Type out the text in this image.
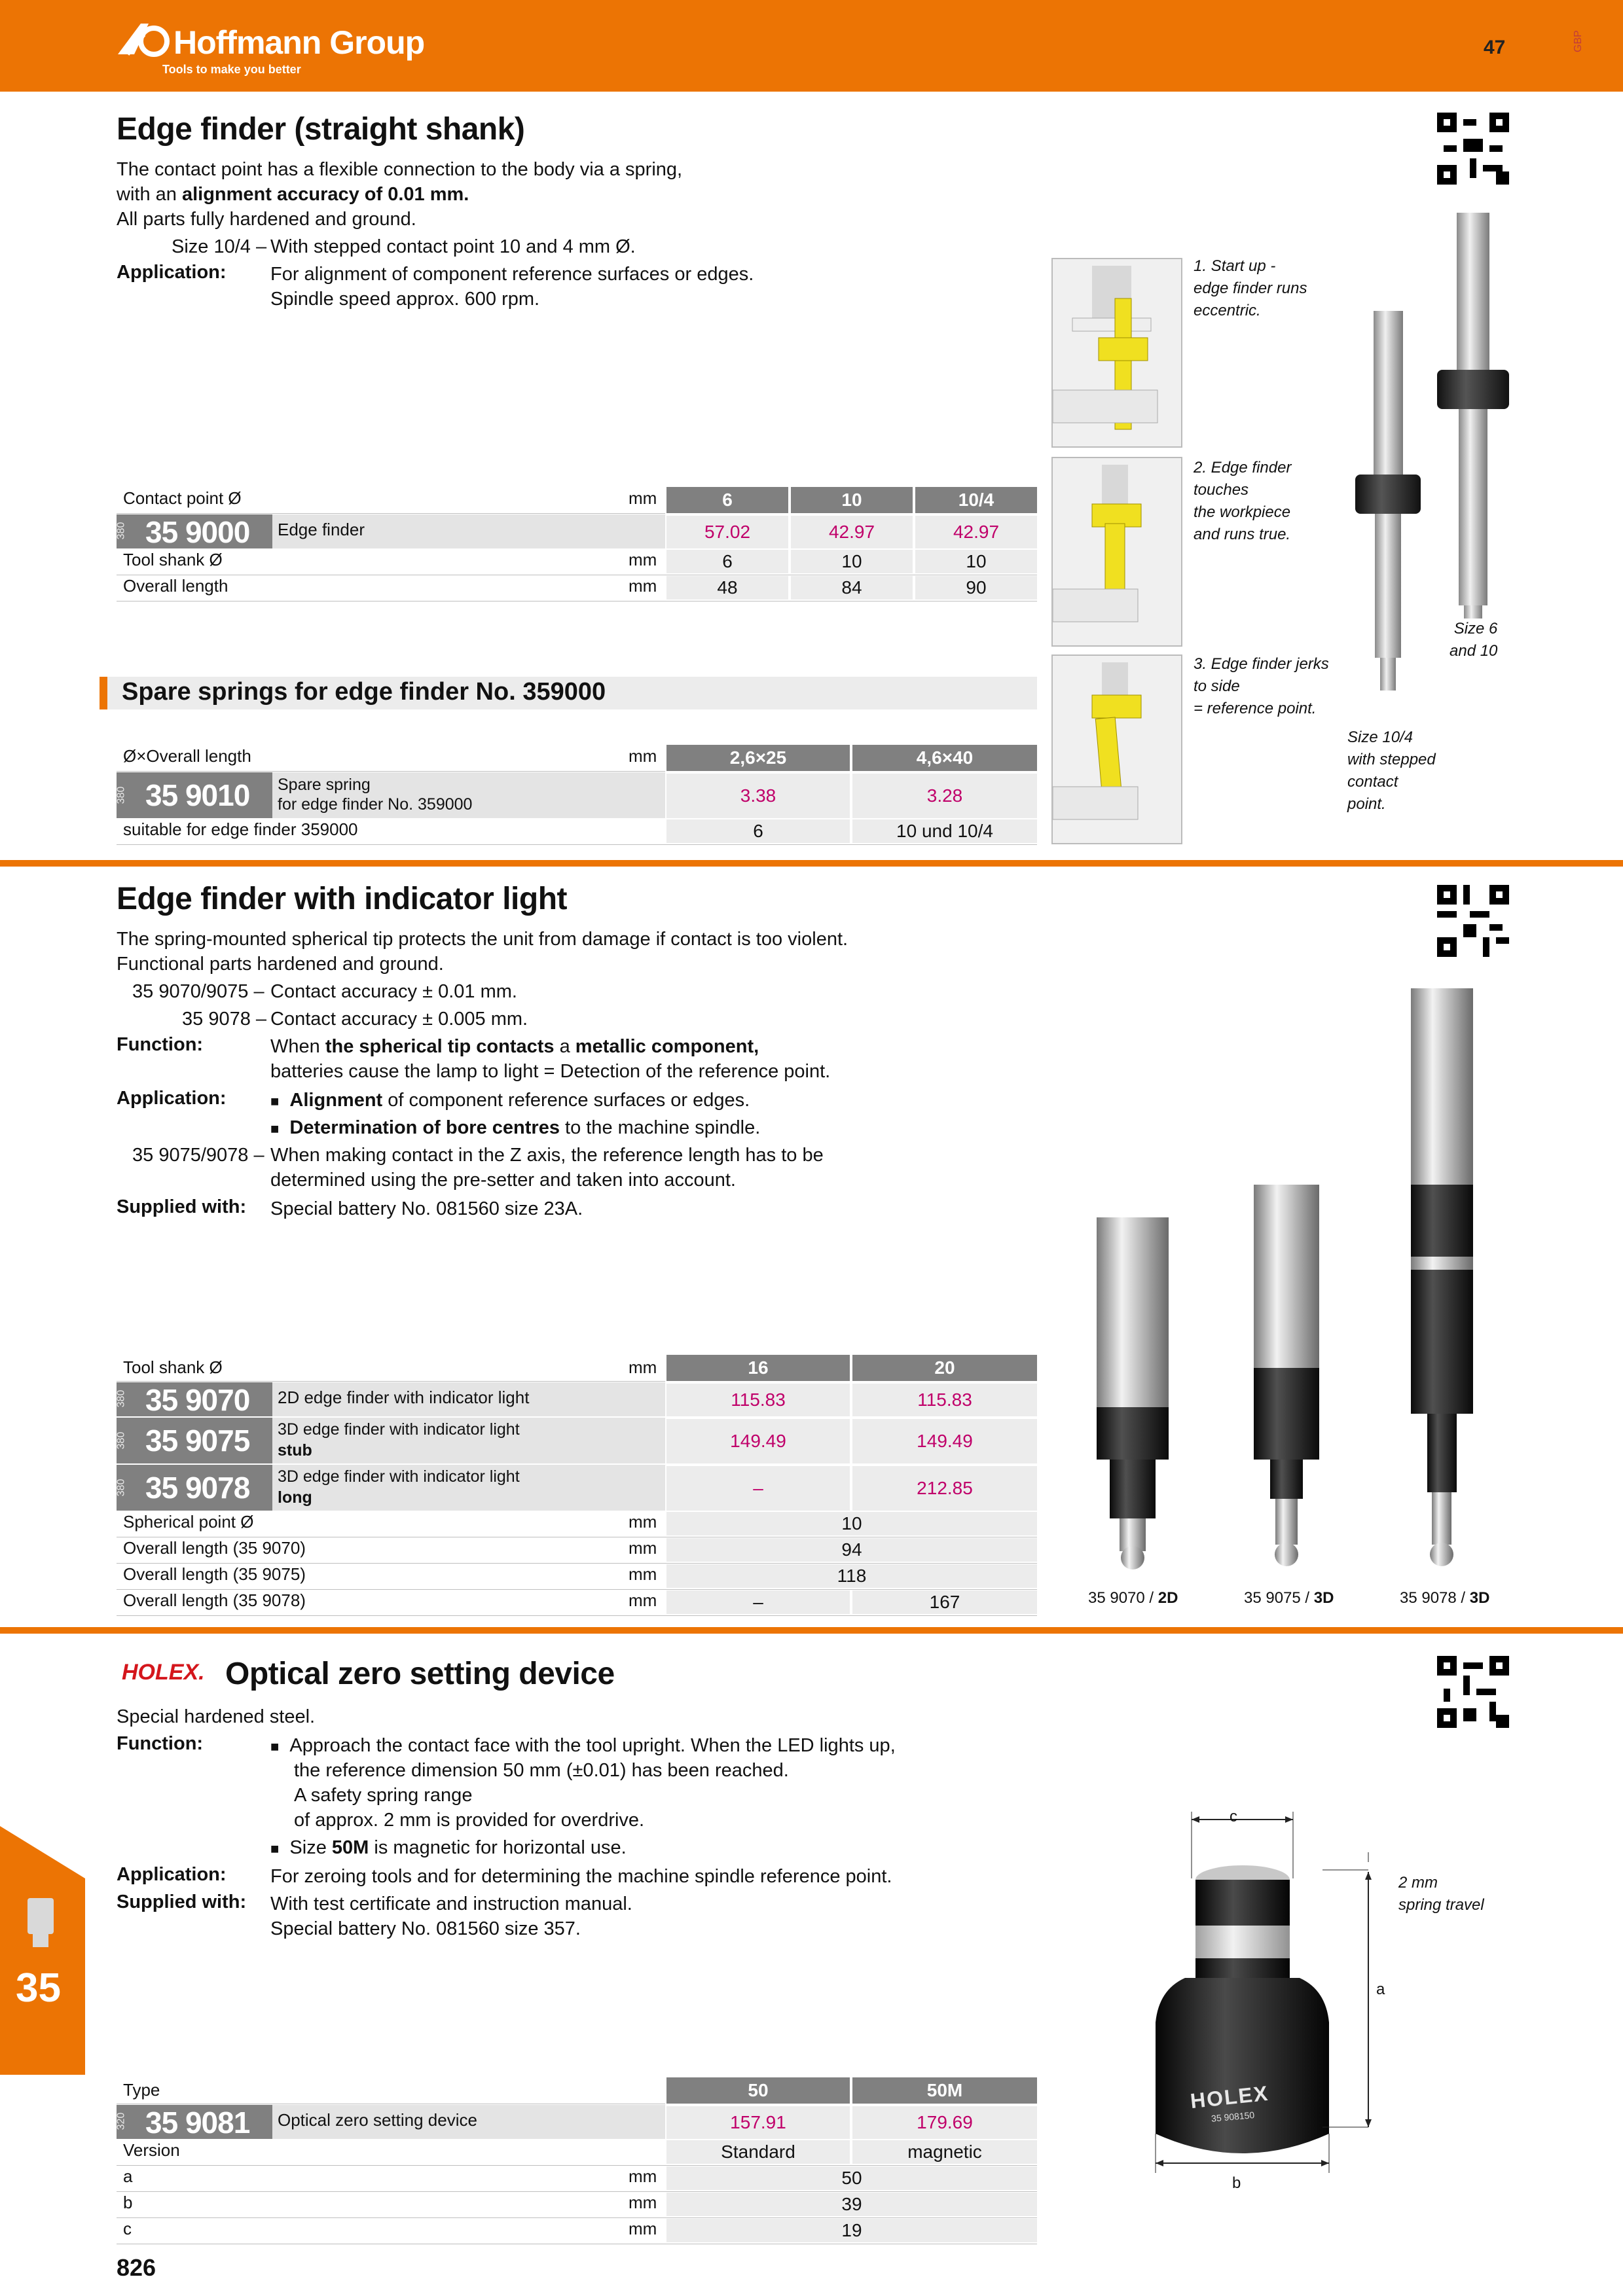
Hoffmann Group
Tools to make you better
47	GBP
Edge finder (straight shank)
The contact point has a flexible connection to the body via a spring,
with an alignment accuracy of 0.01 mm.
All parts fully hardened and ground.
Size 10/4 – With stepped contact point 10 and 4 mm Ø.
Application: For alignment of component reference surfaces or edges.
Spindle speed approx. 600 rpm.
1. Start up -
edge finder runs
eccentric.
2. Edge finder
touches
the workpiece
and runs true.
3. Edge finder jerks
to side
= reference point.
Size 6
and 10
Size 10/4
with stepped
contact
point.
Contact point Ø	mm	6	10	10/4
380 35 9000 Edge finder	57.02	42.97	42.97
Tool shank Ø	mm	6	10	10
Overall length	mm	48	84	90
Spare springs for edge finder No. 359000
Ø×Overall length	mm	2,6×25	4,6×40
380 35 9010 Spare spring
for edge finder No. 359000	3.38	3.28
suitable for edge finder 359000	6	10 und 10/4
Edge finder with indicator light
The spring-mounted spherical tip protects the unit from damage if contact is too violent.
Functional parts hardened and ground.
35 9070/9075 – Contact accuracy ± 0.01 mm.
35 9078 – Contact accuracy ± 0.005 mm.
Function:	When the spherical tip contacts a metallic component,
batteries cause the lamp to light = Detection of the reference point.
Application:	■ Alignment of component reference surfaces or edges.
■ Determination of bore centres to the machine spindle.
35 9075/9078 – When making contact in the Z axis, the reference length has to be
determined using the pre-setter and taken into account.
Supplied with: Special battery No. 081560 size 23A.
35 9070 / 2D	35 9075 / 3D	35 9078 / 3D
Tool shank Ø	mm	16	20
380 35 9070 2D edge finder with indicator light	115.83	115.83
380 35 9075 3D edge finder with indicator light
stub	149.49	149.49
380 35 9078 3D edge finder with indicator light
long	–	212.85
Spherical point Ø	mm	10
Overall length (35 9070)	mm	94
Overall length (35 9075)	mm	118
Overall length (35 9078)	mm	–	167
HOLEX. Optical zero setting device
Special hardened steel.
Function:	■ Approach the contact face with the tool upright. When the LED lights up,
the reference dimension 50 mm (±0.01) has been reached.
A safety spring range
of approx. 2 mm is provided for overdrive.
■ Size 50M is magnetic for horizontal use.
Application: For zeroing tools and for determining the machine spindle reference point.
Supplied with: With test certificate and instruction manual.
Special battery No. 081560 size 357.
c
a
b
2 mm
spring travel
HOLEX
35 908150
Type	50	50M
320 35 9081 Optical zero setting device	157.91	179.69
Version	Standard	magnetic
a	mm	50
b	mm	39
c	mm	19
35
826
